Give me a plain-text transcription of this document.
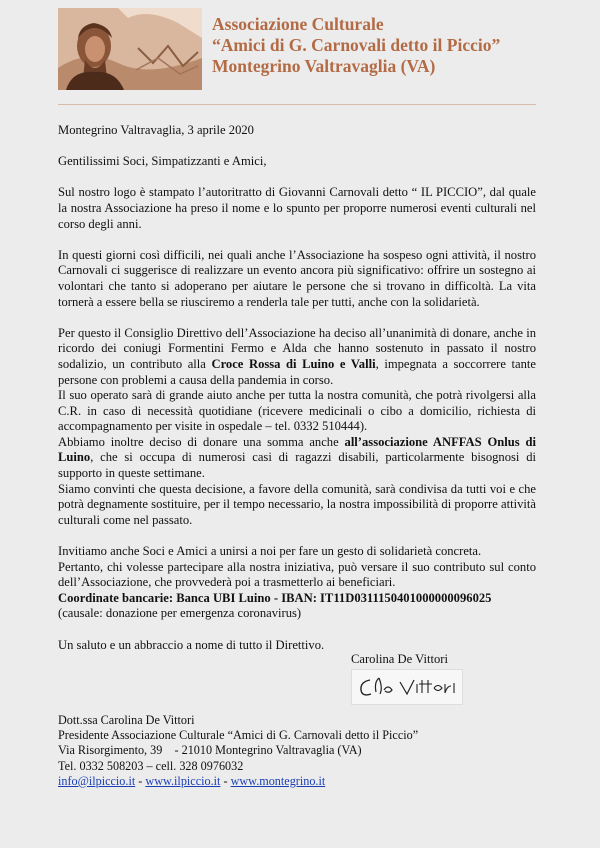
Associazione Culturale
“Amici di G. Carnovali detto il Piccio”
Montegrino Valtravaglia (VA)

Montegrino Valtravaglia, 3 aprile 2020

Gentilissimi Soci, Simpatizzanti e Amici,

Sul nostro logo è stampato l’autoritratto di Giovanni Carnovali detto “ IL PICCIO”, dal quale la nostra Associazione ha preso il nome e lo spunto per proporre numerosi eventi culturali nel corso degli anni.

In questi giorni così difficili, nei quali anche l’Associazione ha sospeso ogni attività, il nostro Carnovali ci suggerisce di realizzare un evento ancora più significativo: offrire un sostegno ai volontari che tanto si adoperano per aiutare le persone che si trovano in difficoltà. La vita tornerà a essere bella se riusciremo a renderla tale per tutti, anche con la solidarietà.

Per questo il Consiglio Direttivo dell’Associazione ha deciso all’unanimità di donare, anche in ricordo dei coniugi Formentini Fermo e Alda che hanno sostenuto in passato il nostro sodalizio, un contributo alla Croce Rossa di Luino e Valli, impegnata a soccorrere tante persone con problemi a causa della pandemia in corso.

Il suo operato sarà di grande aiuto anche per tutta la nostra comunità, che potrà rivolgersi alla C.R. in caso di necessità quotidiane (ricevere medicinali o cibo a domicilio, richiesta di accompagnamento per visite in ospedale – tel. 0332 510444).

Abbiamo inoltre deciso di donare una somma anche all’associazione ANFFAS Onlus di Luino, che si occupa di numerosi casi di ragazzi disabili, particolarmente bisognosi di supporto in queste settimane.

Siamo convinti che questa decisione, a favore della comunità, sarà condivisa da tutti voi e che potrà degnamente sostituire, per il tempo necessario, la nostra impossibilità di proporre attività culturali come nel passato.

Invitiamo anche Soci e Amici a unirsi a noi per fare un gesto di solidarietà concreta.

Pertanto, chi volesse partecipare alla nostra iniziativa, può versare il suo contributo sul conto dell’Associazione, che provvederà poi a trasmetterlo ai beneficiari.

Coordinate bancarie: Banca UBI Luino - IBAN: IT11D0311150401000000096025

(causale: donazione per emergenza coronavirus)

Un saluto e un abbraccio a nome di tutto il Direttivo.

Carolina De Vittori
Dott.ssa Carolina De Vittori
Presidente Associazione Culturale “Amici di G. Carnovali detto il Piccio”
Via Risorgimento, 39    - 21010 Montegrino Valtravaglia (VA)
Tel. 0332 508203 – cell. 328 0976032
info@ilpiccio.it - www.ilpiccio.it - www.montegrino.it
